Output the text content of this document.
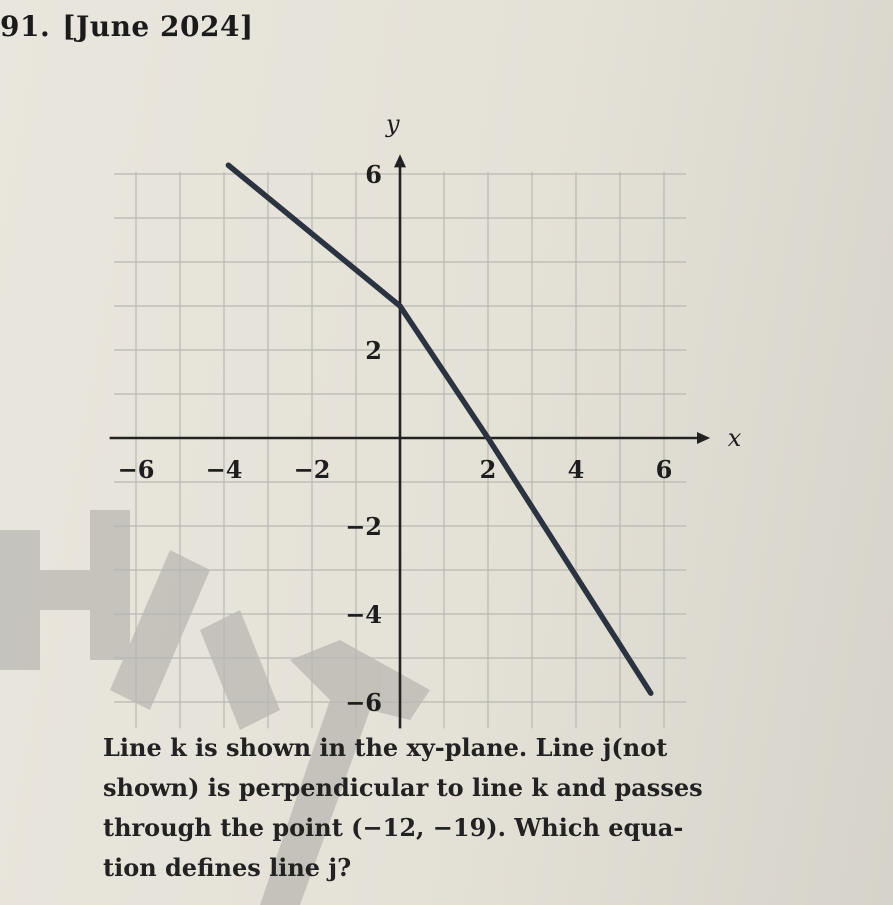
91. [June 2024]
x
y
−6 −4 −2	2	4	6
6
2
−2
−4
−6

Line k is shown in the xy-plane. Line j(not

shown) is perpendicular to line k and passes

through the point (−12, −19). Which equa-

tion defines line j?
